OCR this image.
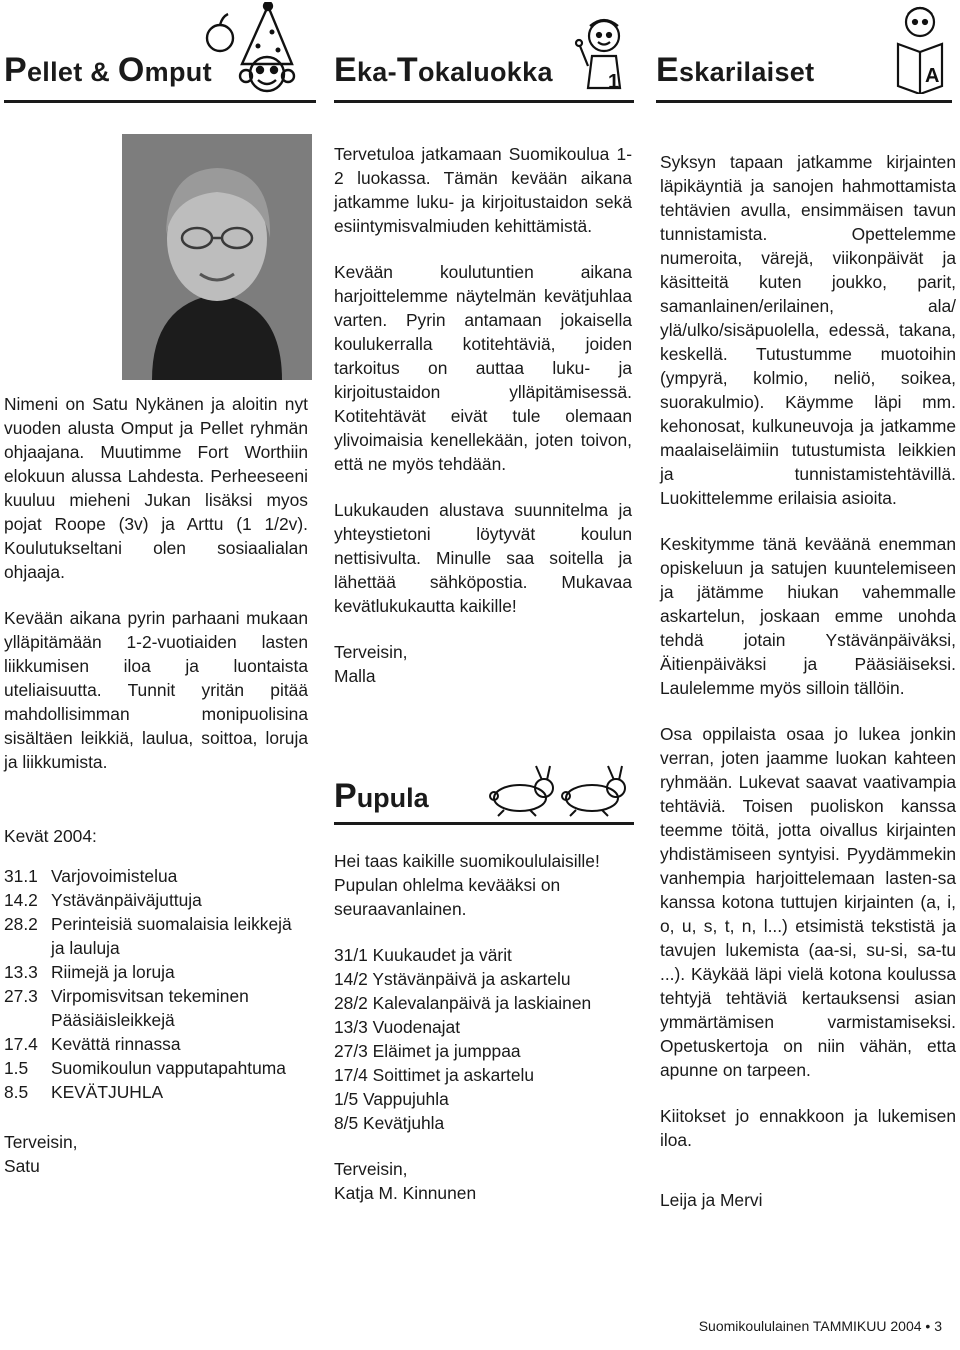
Pellet & Omput	Eka-Tokaluokka	1 Eskarilaiset	A

Nimeni on Satu Nykänen ja aloitin nyt vuoden alusta Omput ja Pellet ryhmän ohjaajana. Muutimme Fort Worthiin elokuun alussa Lahdesta. Perheeseeni kuuluu mieheni Jukan lisäksi myos pojat Roope (3v) ja Arttu (1 1/2v). Koulutukseltani olen sosiaalialan ohjaaja.

Kevään aikana pyrin parhaani mukaan ylläpitämään 1-2-vuotiaiden lasten liikkumisen iloa ja luontaista uteliaisuutta. Tunnit yritän pitää mahdollisimman monipuolisina sisältäen leikkiä, laulua, soittoa, loruja ja liikkumista.

Kevät 2004:

31.1 Varjovoimistelua
14.2 Ystävänpäiväjuttuja
28.2 Perinteisiä suomalaisia leikkejä ja lauluja
13.3 Riimejä ja loruja
27.3 Virpomisvitsan tekeminen Pääsiäisleikkejä
17.4 Kevättä rinnassa
1.5	Suomikoulun vapputapahtuma
8.5	KEVÄTJUHLA

Terveisin,

Satu

Tervetuloa jatkamaan Suomikoulua 1-2 luokassa. Tämän kevään aikana jatkamme luku- ja kirjoitustaidon sekä esiintymisvalmiuden kehittämistä.

Kevään koulutuntien aikana harjoittelemme näytelmän kevätjuhlaa varten. Pyrin antamaan jokaisella koulukerralla kotitehtäviä, joiden tarkoitus on auttaa luku- ja kirjoitustaidon ylläpitämisessä. Kotitehtävät eivät tule olemaan ylivoimaisia kenellekään, joten toivon, että ne myös tehdään.

Lukukauden alustava suunnitelma ja yhteystietoni löytyvät koulun nettisivulta. Minulle saa soitella ja lähettää sähköpostia. Mukavaa kevätlukukautta kaikille!

Terveisin,

Malla

Pupula

Hei taas kaikille suomikoululaisille! Pupulan ohlelma kevääksi on seuraavanlainen.

31/1 Kuukaudet ja värit
14/2 Ystävänpäivä ja askartelu
28/2 Kalevalanpäivä ja laskiainen
13/3 Vuodenajat
27/3 Eläimet ja jumppaa
17/4 Soittimet ja askartelu
1/5 Vappujuhla
8/5 Kevätjuhla

Terveisin,

Katja M. Kinnunen

Syksyn tapaan jatkamme kirjainten läpikäyntiä ja sanojen hahmottamista tehtävien avulla, ensimmäisen tavun tunnistamista. Opettelemme numeroita, värejä, viikonpäivät ja käsitteitä kuten joukko, parit, samanlainen/erilainen, ala/ ylä/ulko/sisäpuolella, edessä, takana, keskellä. Tutustumme muotoihin (ympyrä, kolmio, neliö, soikea, suorakulmio). Käymme läpi mm. kehonosat, kulkuneuvoja ja jatkamme maalaiseläimiin tutustumista leikkien ja tunnistamistehtävillä. Luokittelemme erilaisia asioita.

Keskitymme tänä keväänä enemman opiskeluun ja satujen kuuntelemiseen ja jätämme hiukan vahemmalle askartelun, joskaan emme unohda tehdä jotain Ystävänpäiväksi, Äitienpäiväksi ja Pääsiäiseksi. Laulelemme myös silloin tällöin.

Osa oppilaista osaa jo lukea jonkin verran, joten jaamme luokan kahteen ryhmään. Lukevat saavat vaativampia tehtäviä. Toisen puoliskon kanssa teemme töitä, jotta oivallus kirjainten yhdistämiseen syntyisi. Pyydämmekin vanhempia harjoittelemaan lasten-sa kanssa kotona tuttujen kirjainten (a, i, o, u, s, t, n, l...) etsimistä tekstistä ja tavujen lukemista (aa-si, su-si, sa-tu ...). Käykää läpi vielä kotona koulussa tehtyjä tehtäviä kertauksensi asian ymmärtämisen varmistamiseksi. Opetuskertoja on niin vähän, etta apunne on tarpeen.

Kiitokset jo ennakkoon ja lukemisen iloa.

Leija ja Mervi

Suomikoululainen TAMMIKUU 2004 • 3
